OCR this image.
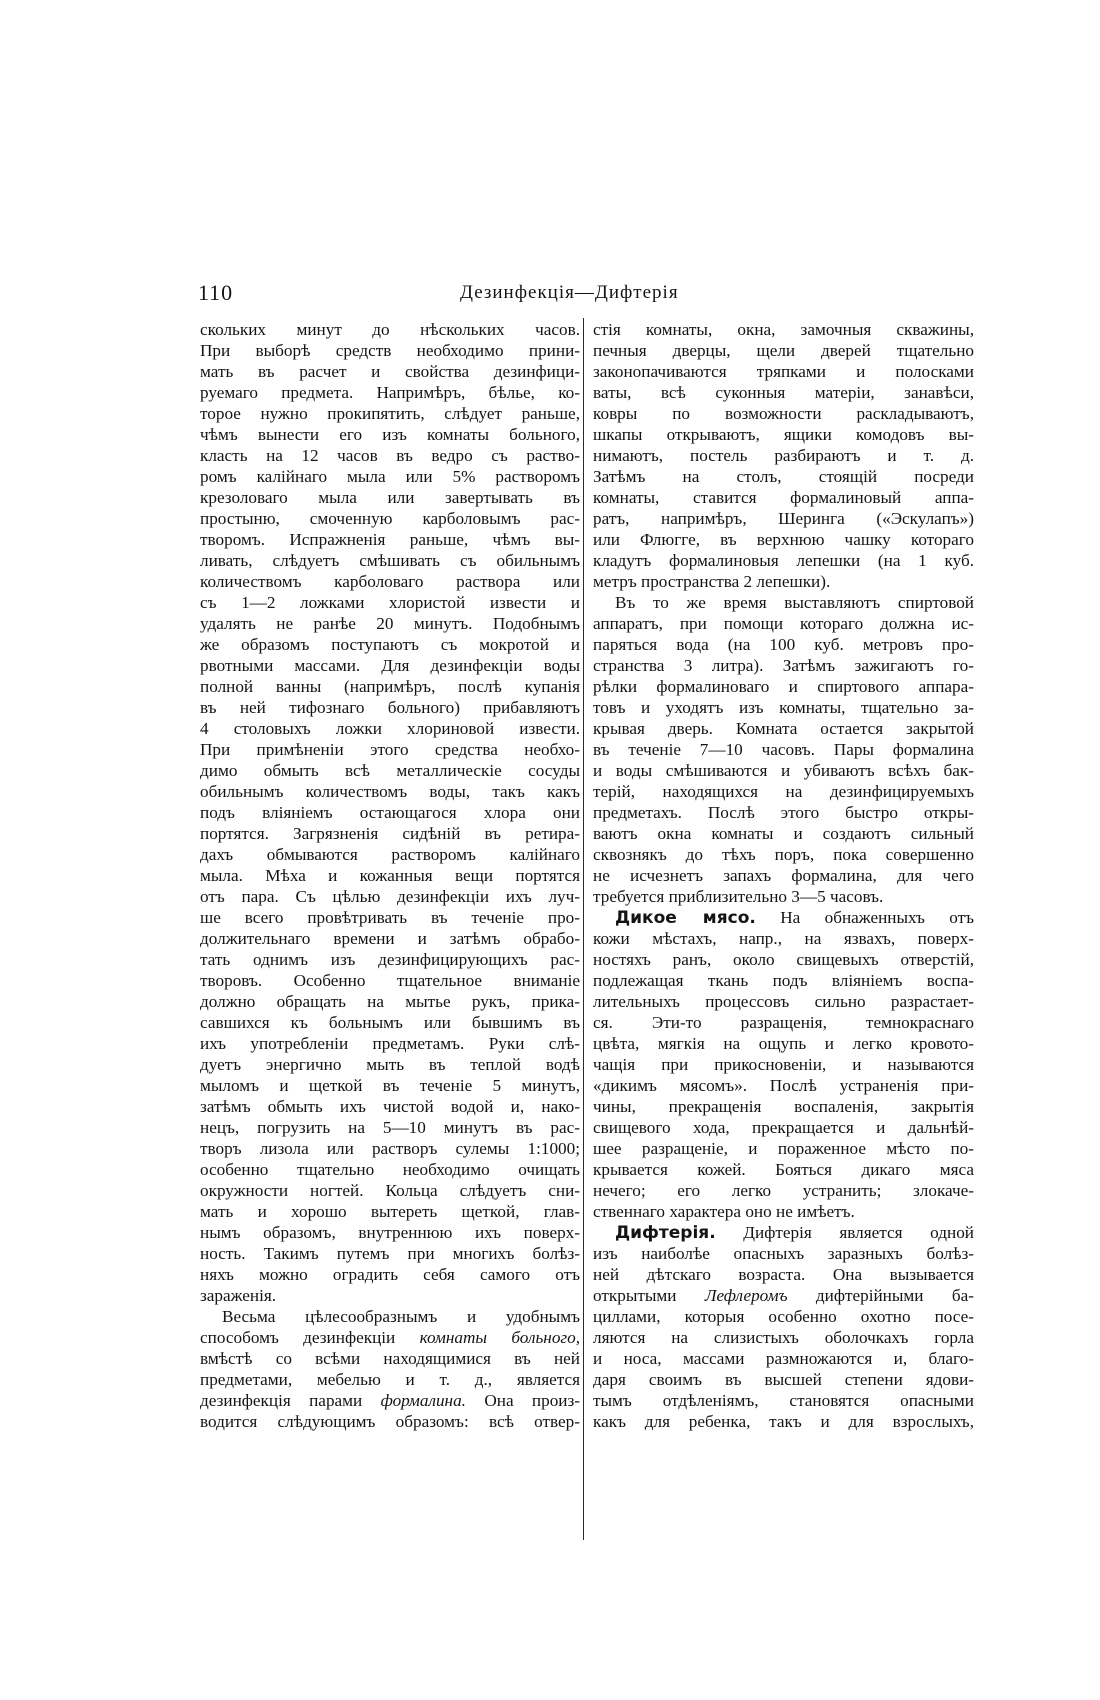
110	Дезинфекція—Дифтерія
скольких минут до нѣскольких часов.
При выборѣ средств необходимо прини-
мать въ расчет и свойства дезинфици-
руемаго предмета. Напримѣръ, бѣлье, ко-
торое нужно прокипятить, слѣдует раньше,
чѣмъ вынести его изъ комнаты больного,
класть на 12 часов въ ведро съ раство-
ромъ калійнаго мыла или 5% растворомъ
крезоловаго мыла или завертывать въ
простыню, смоченную карболовымъ рас-
творомъ. Испражненія раньше, чѣмъ вы-
ливать, слѣдуетъ смѣшивать съ обильнымъ
количествомъ карболоваго раствора или
съ 1—2 ложками хлористой извести и
удалять не ранѣе 20 минутъ. Подобнымъ
же образомъ поступаютъ съ мокротой и
рвотными массами. Для дезинфекціи воды
полной ванны (напримѣръ, послѣ купанія
въ ней тифознаго больного) прибавляютъ
4 столовыхъ ложки хлориновой извести.
При примѣненіи этого средства необхо-
димо обмыть всѣ металлическіе сосуды
обильнымъ количествомъ воды, такъ какъ
подъ вліяніемъ остающагося хлора они
портятся. Загрязненія сидѣній въ ретира-
дахъ обмываются растворомъ калійнаго
мыла. Мѣха и кожанныя вещи портятся
отъ пара. Съ цѣлью дезинфекціи ихъ луч-
ше всего провѣтривать въ теченіе про-
должительнаго времени и затѣмъ обрабо-
тать однимъ изъ дезинфицирующихъ рас-
творовъ. Особенно тщательное вниманіе
должно обращать на мытье рукъ, прика-
савшихся къ больнымъ или бывшимъ въ
ихъ употребленіи предметамъ. Руки слѣ-
дуетъ энергично мыть въ теплой водѣ
мыломъ и щеткой въ теченіе 5 минутъ,
затѣмъ обмыть ихъ чистой водой и, нако-
нецъ, погрузить на 5—10 минутъ въ рас-
творъ лизола или растворъ сулемы 1:1000;
особенно тщательно необходимо очищать
окружности ногтей. Кольца слѣдуетъ сни-
мать и хорошо вытереть щеткой, глав-
нымъ образомъ, внутреннюю ихъ поверх-
ность. Такимъ путемъ при многихъ болѣз-
няхъ можно оградить себя самого отъ
зараженія.
Весьма цѣлесообразнымъ и удобнымъ
способомъ дезинфекціи комнаты больного,
вмѣстѣ со всѣми находящимися въ ней
предметами, мебелью и т. д., является
дезинфекція парами формалина. Она произ-
водится слѣдующимъ образомъ: всѣ отвер-
стія комнаты, окна, замочныя скважины,
печныя дверцы, щели дверей тщательно
законопачиваются тряпками и полосками
ваты, всѣ суконныя матеріи, занавѣси,
ковры по возможности раскладываютъ,
шкапы открываютъ, ящики комодовъ вы-
нимаютъ, постель разбираютъ и т. д.
Затѣмъ на столъ, стоящій посреди
комнаты, ставится формалиновый аппа-
ратъ, напримѣръ, Шеринга («Эскулапъ»)
или Флюгге, въ верхнюю чашку котораго
кладутъ формалиновыя лепешки (на 1 куб.
метръ пространства 2 лепешки).
Въ то же время выставляютъ спиртовой
аппаратъ, при помощи котораго должна ис-
паряться вода (на 100 куб. метровъ про-
странства 3 литра). Затѣмъ зажигаютъ го-
рѣлки формалиноваго и спиртового аппара-
товъ и уходятъ изъ комнаты, тщательно за-
крывая дверь. Комната остается закрытой
въ теченіе 7—10 часовъ. Пары формалина
и воды смѣшиваются и убиваютъ всѣхъ бак-
терій, находящихся на дезинфицируемыхъ
предметахъ. Послѣ этого быстро откры-
ваютъ окна комнаты и создаютъ сильный
сквознякъ до тѣхъ поръ, пока совершенно
не исчезнетъ запахъ формалина, для чего
требуется приблизительно 3—5 часовъ.
Дикое мясо. На обнаженныхъ отъ
кожи мѣстахъ, напр., на язвахъ, поверх-
ностяхъ ранъ, около свищевыхъ отверстій,
подлежащая ткань подъ вліяніемъ воспа-
лительныхъ процессовъ сильно разрастает-
ся. Эти-то разращенія, темнокраснаго
цвѣта, мягкія на ощупь и легко кровото-
чащія при прикосновеніи, и называются
«дикимъ мясомъ». Послѣ устраненія при-
чины, прекращенія воспаленія, закрытія
свищевого хода, прекращается и дальнѣй-
шее разращеніе, и пораженное мѣсто по-
крывается кожей. Бояться дикаго мяса
нечего; его легко устранить; злокаче-
ственнаго характера оно не имѣетъ.
Дифтерія. Дифтерія является одной
изъ наиболѣе опасныхъ заразныхъ болѣз-
ней дѣтскаго возраста. Она вызывается
открытыми Лефлеромъ дифтерійными ба-
циллами, которыя особенно охотно посе-
ляются на слизистыхъ оболочкахъ горла
и носа, массами размножаются и, благо-
даря своимъ въ высшей степени ядови-
тымъ отдѣленіямъ, становятся опасными
какъ для ребенка, такъ и для взрослыхъ,
